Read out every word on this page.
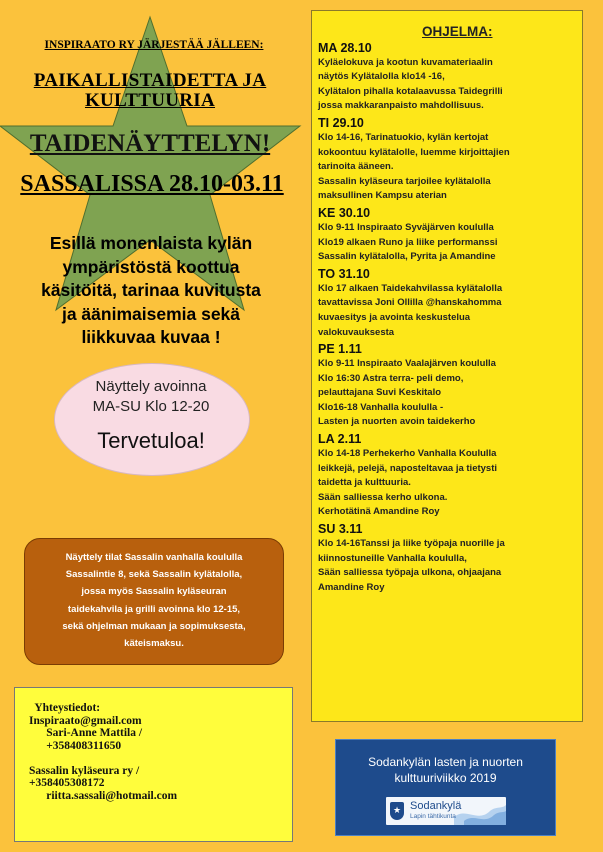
INSPIRAATO RY JÄRJESTÄÄ JÄLLEEN:
PAIKALLISTAIDETTA JA KULTTUURIA
TAIDENÄYTTELYN!
SASSALISSA 28.10-03.11
Esillä monenlaista kylän
ympäristöstä koottua
käsitöitä, tarinaa kuvitusta
ja äänimaisemia sekä
liikkuvaa kuvaa !
Näyttely avoinna
MA-SU Klo 12-20
Tervetuloa!
Näyttely tilat Sassalin vanhalla koululla
Sassalintie 8, sekä Sassalin kylätalolla,
jossa myös Sassalin kyläseuran
taidekahvila ja grilli avoinna klo 12-15,
sekä ohjelman mukaan ja sopimuksesta,
käteismaksu.
Yhteystiedot:
Inspiraato@gmail.com
Sari-Anne Mattila /
+358408311650

Sassalin kyläseura ry /
+358405308172
riitta.sassali@hotmail.com
OHJELMA:
MA 28.10
Kyläelokuva ja kootun kuvamateriaalin
näytös Kylätalolla klo14 -16,
Kylätalon pihalla kotalaavussa Taidegrilli
jossa makkaranpaisto mahdollisuus.
TI 29.10
Klo 14-16, Tarinatuokio, kylän kertojat
kokoontuu kylätalolle, luemme kirjoittajien
tarinoita ääneen.
Sassalin kyläseura tarjoilee kylätalolla
maksullinen Kampsu aterian
KE 30.10
Klo 9-11 Inspiraato Syväjärven koululla
Klo19 alkaen Runo ja liike performanssi
Sassalin kylätalolla, Pyrita ja Amandine
TO 31.10
Klo 17 alkaen Taidekahvilassa kylätalolla
tavattavissa Joni Ollilla @hanskahomma
kuvaesitys ja avointa keskustelua
valokuvauksesta
PE 1.11
Klo 9-11 Inspiraato Vaalajärven koululla
Klo 16:30 Astra terra- peli demo,
pelauttajana Suvi Keskitalo
Klo16-18 Vanhalla koululla -
Lasten ja nuorten avoin taidekerho
LA 2.11
Klo 14-18 Perhekerho Vanhalla Koululla
leikkejä, pelejä, naposteltavaa ja tietysti
taidetta ja kulttuuria.
Sään salliessa kerho ulkona.
Kerhotätinä Amandine Roy
SU 3.11
Klo 14-16Tanssi ja liike työpaja nuorille ja
kiinnostuneille Vanhalla koululla,
Sään salliessa työpaja ulkona, ohjaajana
Amandine Roy
Sodankylän lasten ja nuorten
kulttuuriviikko 2019
★ Sodankylä
Lapin tähtikunta
